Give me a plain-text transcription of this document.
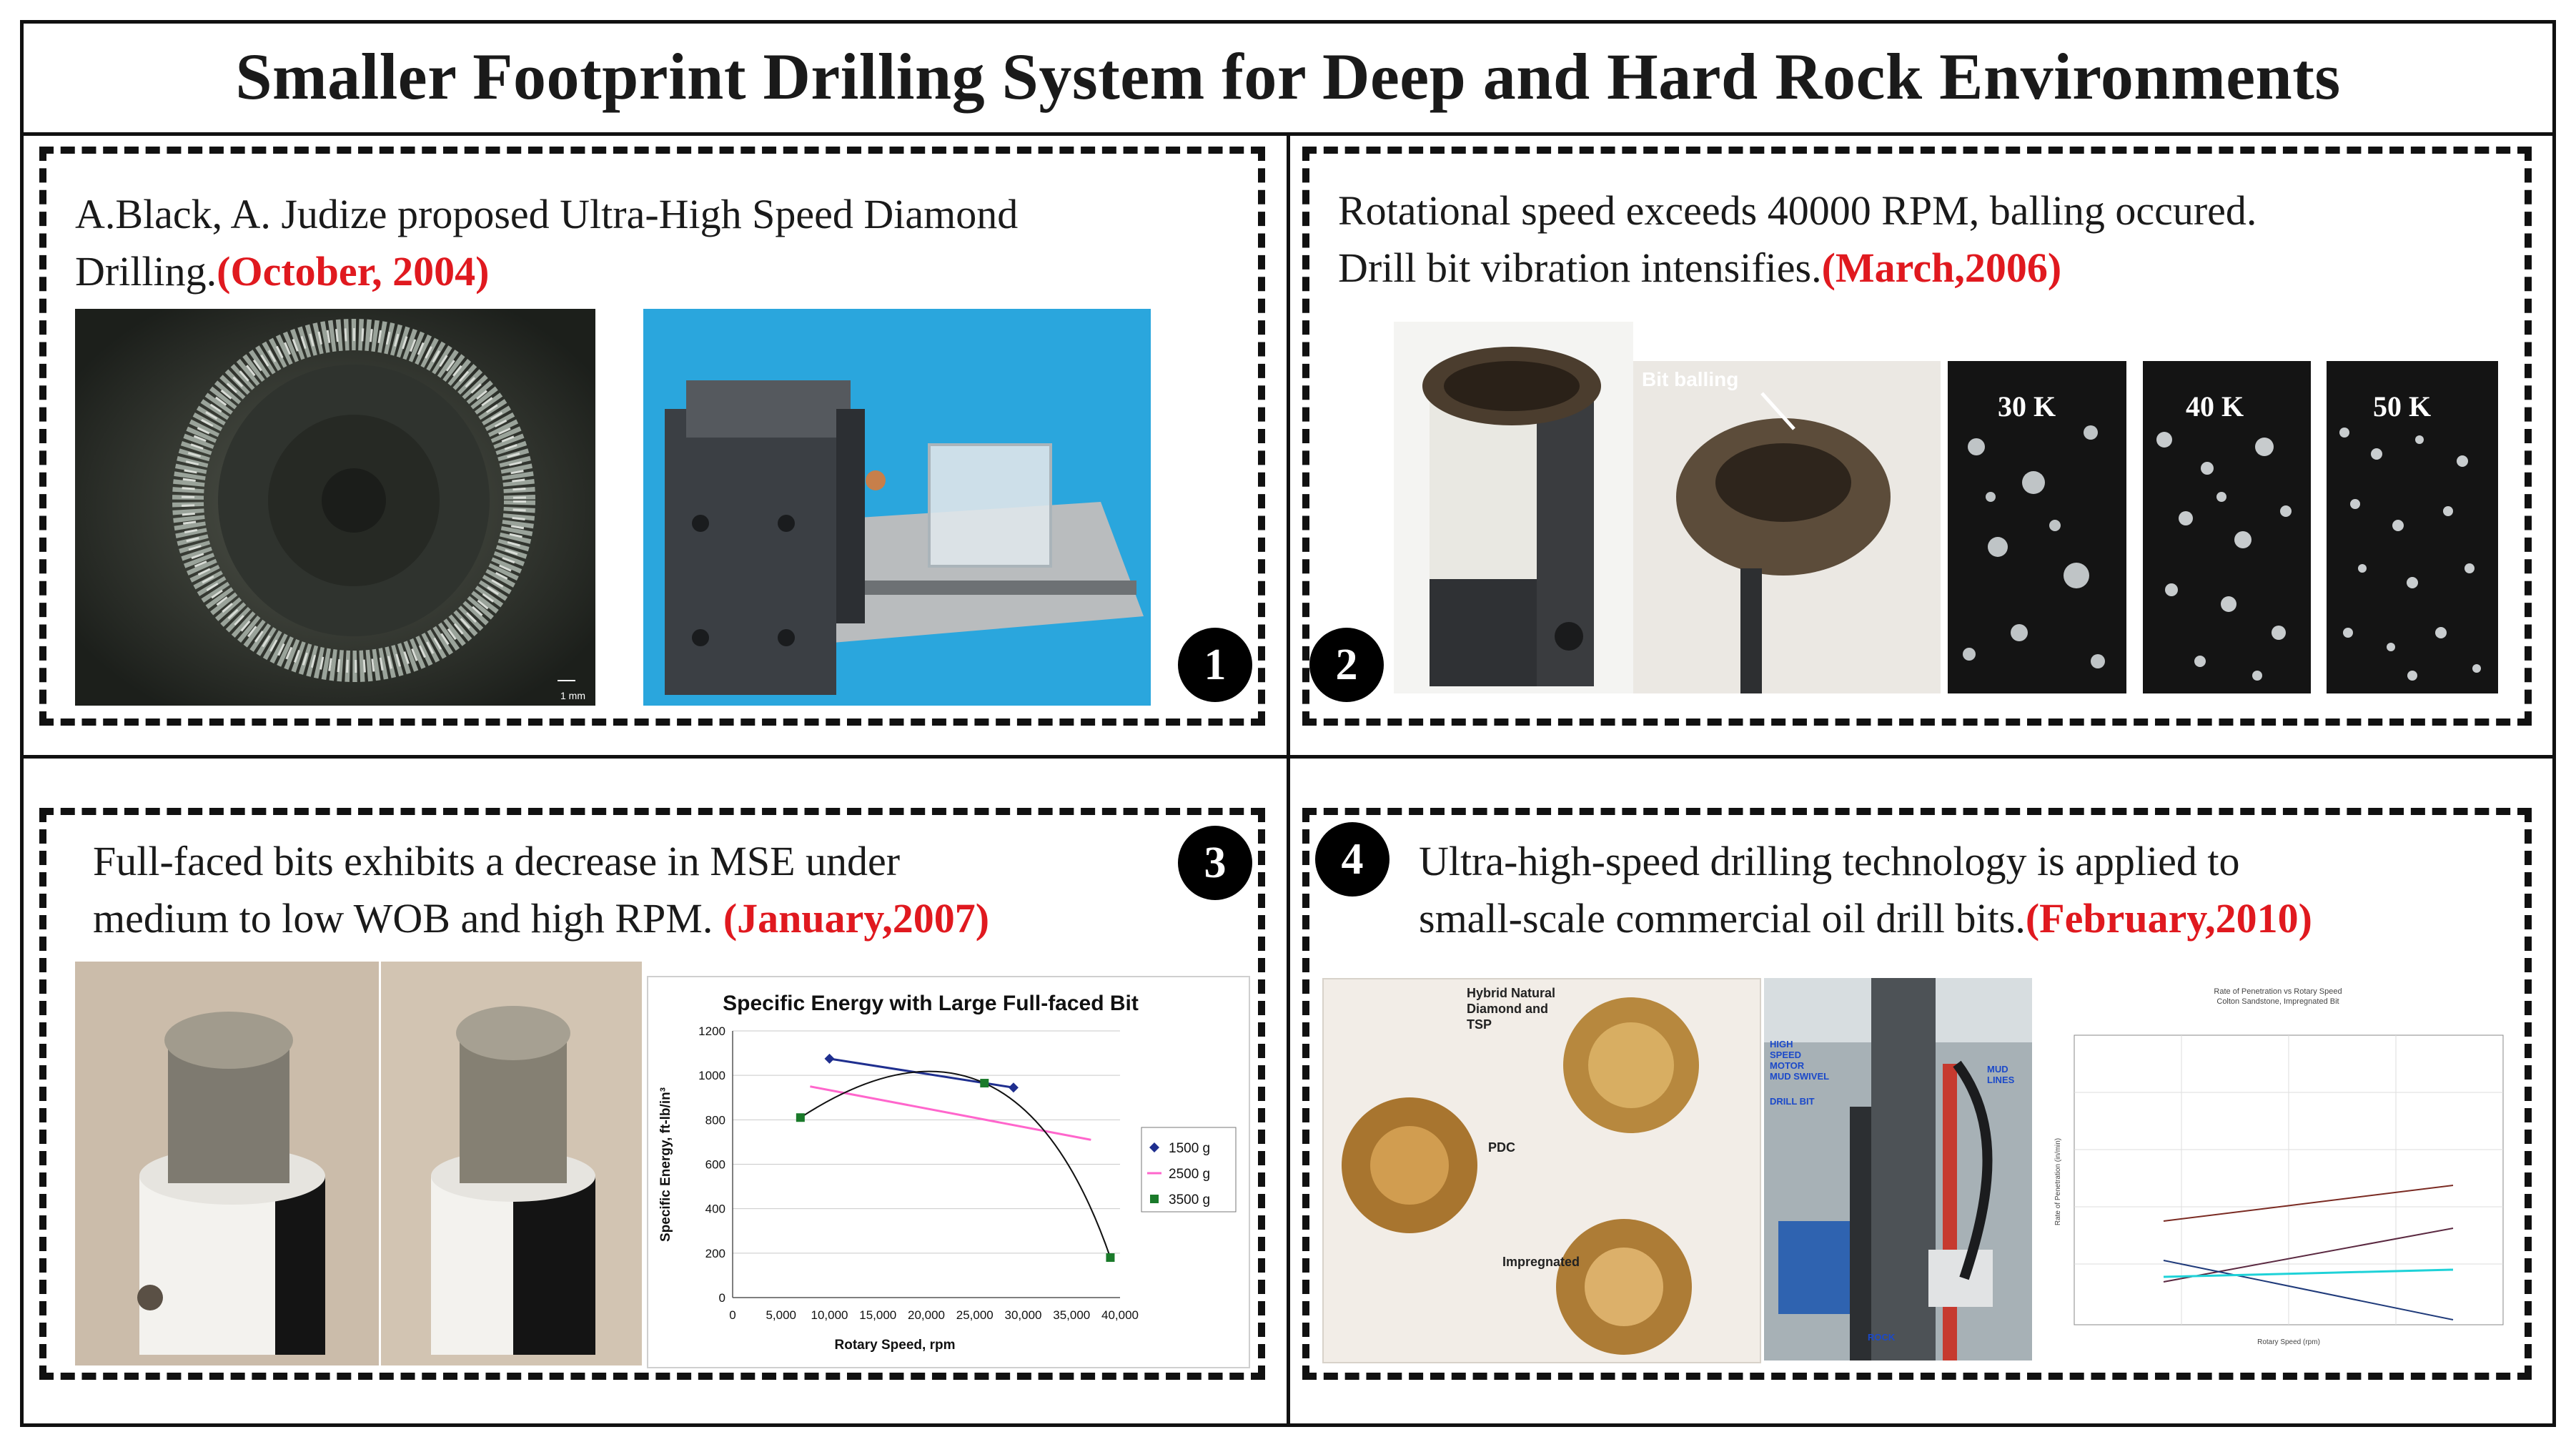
Smaller Footprint Drilling System for Deep and Hard Rock Environments
A.Black, A. Judize proposed Ultra-High Speed Diamond
Drilling.(October, 2004)
1 mm
1
Rotational speed exceeds 40000 RPM, balling occured.
Drill bit vibration intensifies.(March,2006)
Bit balling
30 K	40 K	50 K
2
Full-faced bits exhibits a decrease in MSE under
medium to low WOB and high RPM. (January,2007)
3
Specific Energy with Large Full-faced Bit
0
200
400
600
800
1000
1200
0 5,000 10,000 15,000 20,000 25,000 30,000 35,000 40,000
Rotary Speed, rpm
Specific Energy, ft-lb/in³	1500 g
2500 g
3500 g
4	Ultra-high-speed drilling technology is applied to
small-scale commercial oil drill bits.(February,2010)
Hybrid Natural
Diamond and
TSP
PDC
Impregnated
HIGH SPEED MOTOR
MUD SWIVEL
DRILL BIT
MUD LINES
ROCK
Rate of Penetration vs Rotary Speed
Colton Sandstone, Impregnated Bit
Rotary Speed (rpm)
Rate of Penetration (in/min)
